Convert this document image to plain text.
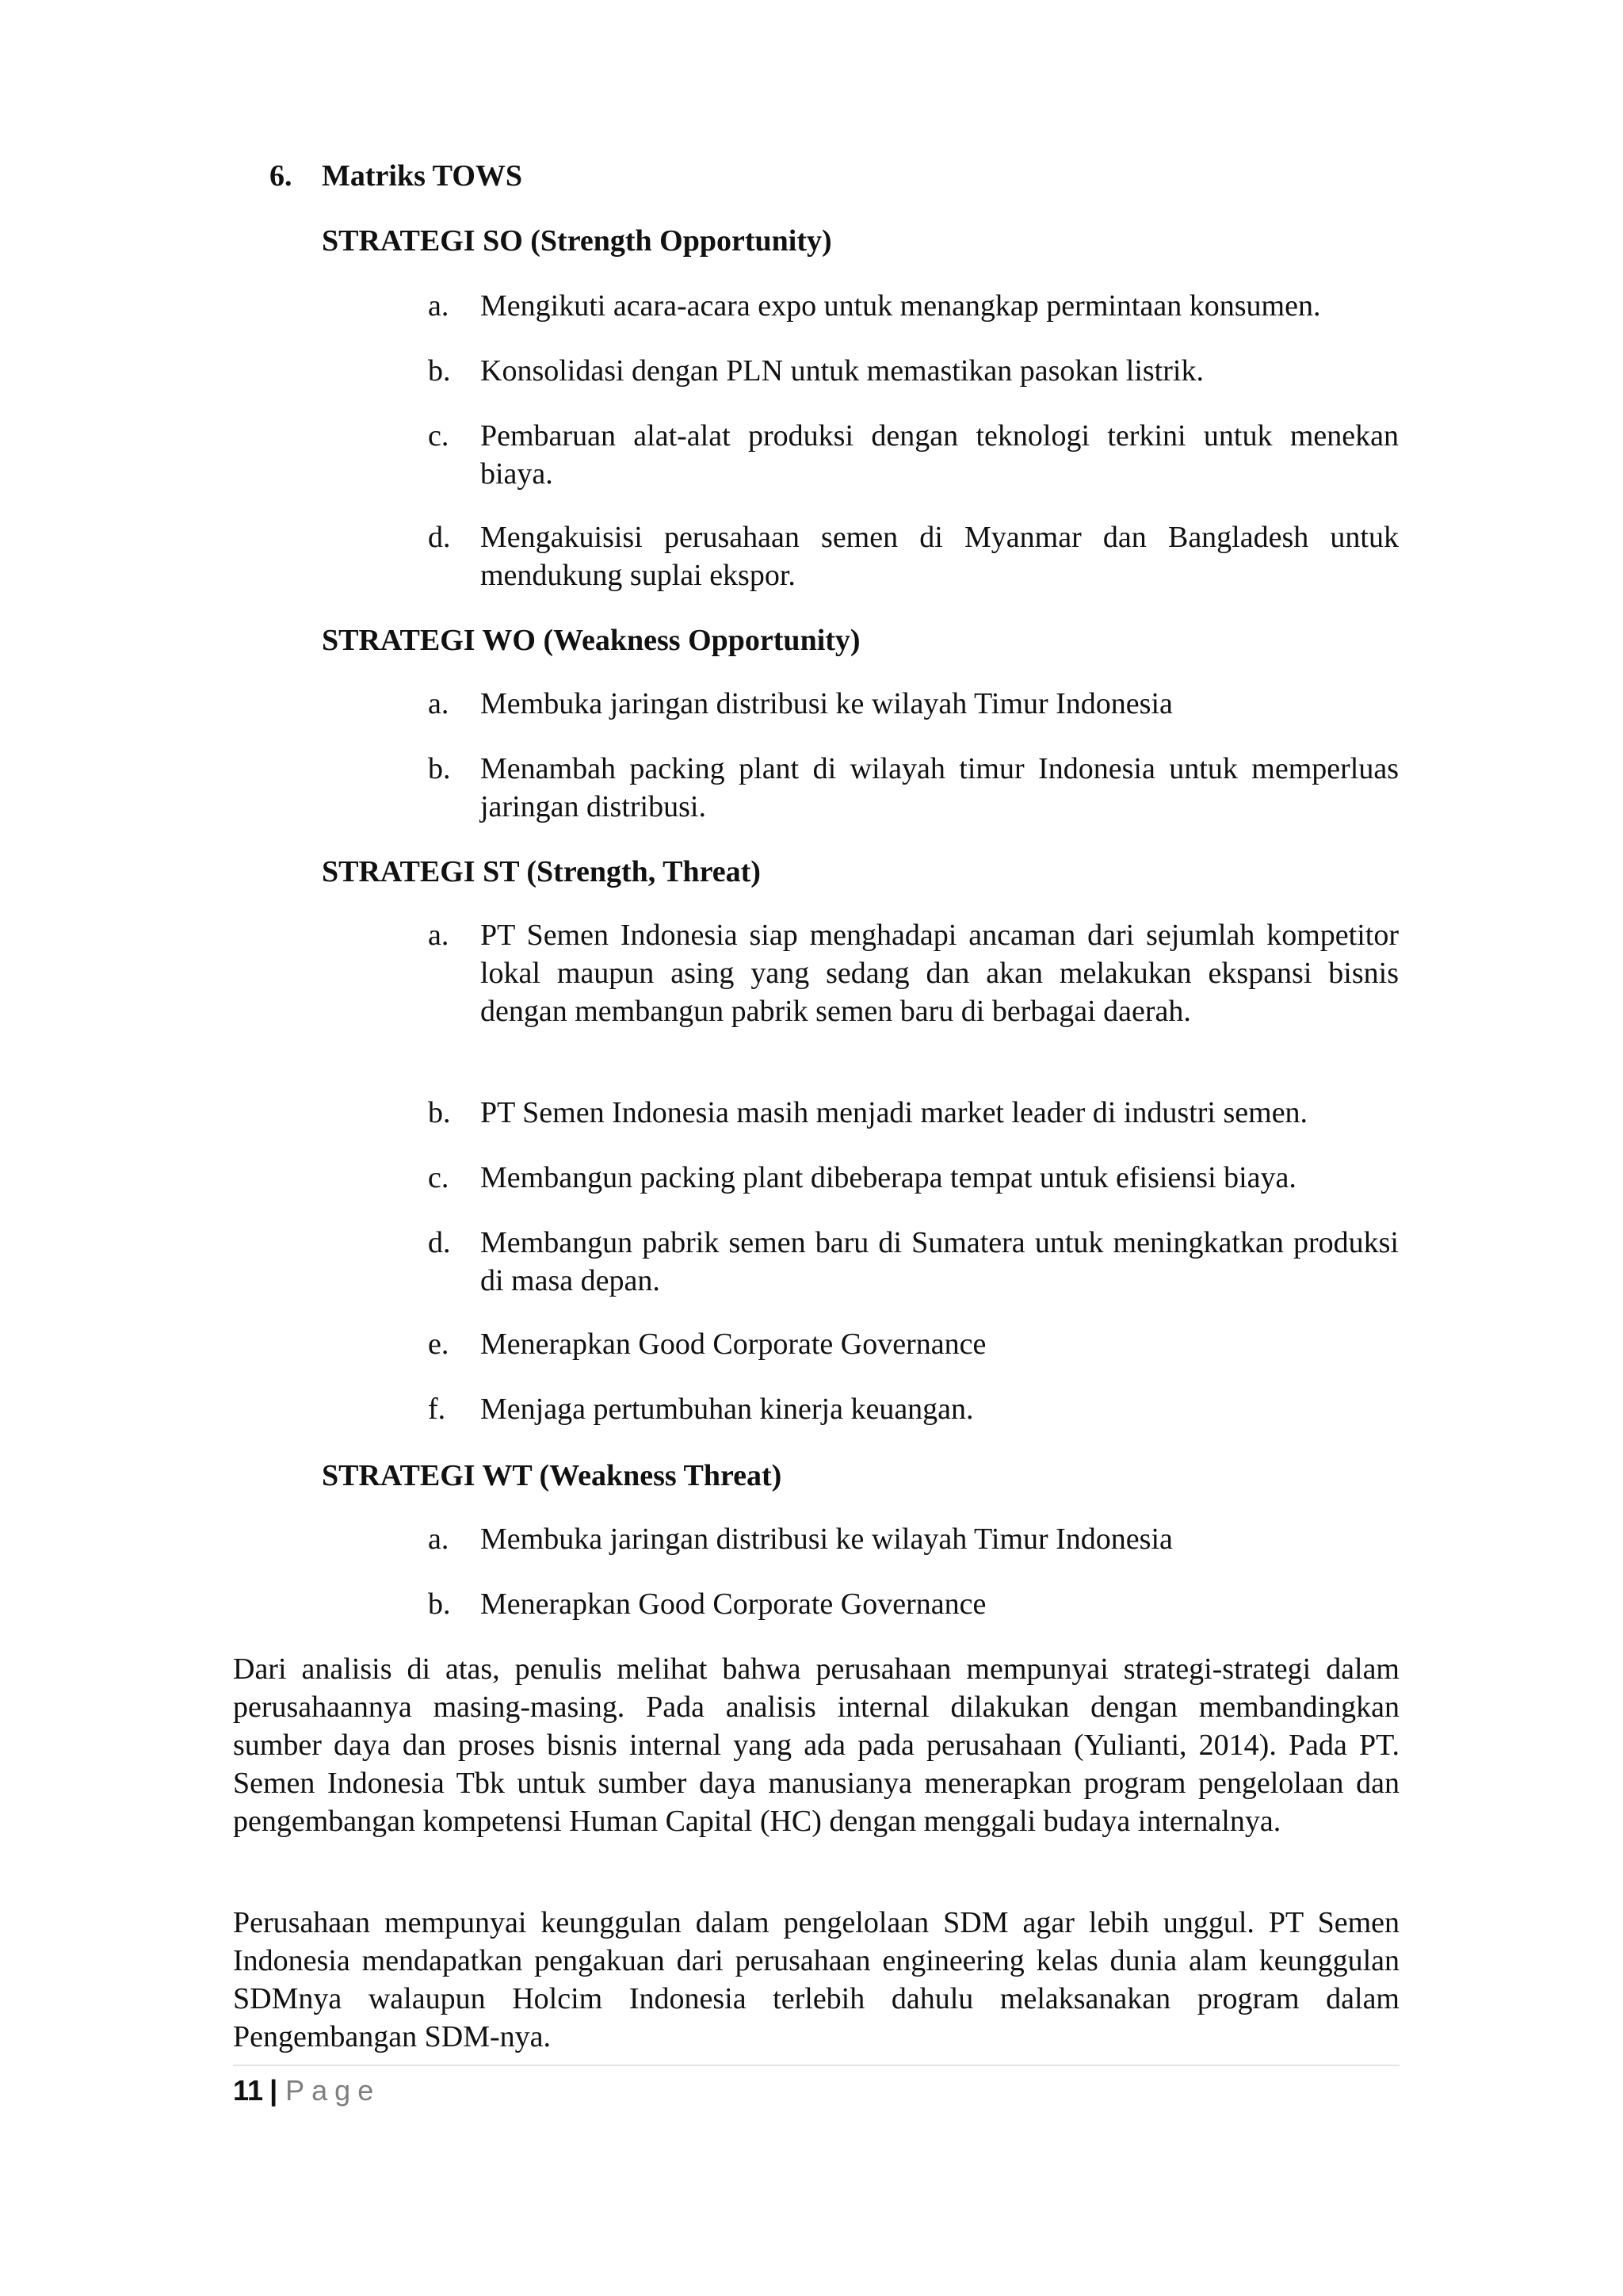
6. Matriks TOWS
STRATEGI SO (Strength Opportunity)
a. Mengikuti acara-acara expo untuk menangkap permintaan konsumen.
b. Konsolidasi dengan PLN untuk memastikan pasokan listrik.
c. Pembaruan alat-alat produksi dengan teknologi terkini untuk menekan biaya.
d. Mengakuisisi perusahaan semen di Myanmar dan Bangladesh untuk mendukung suplai ekspor.
STRATEGI WO (Weakness Opportunity)
a. Membuka jaringan distribusi ke wilayah Timur Indonesia
b. Menambah packing plant di wilayah timur Indonesia untuk memperluas jaringan distribusi.
STRATEGI ST (Strength, Threat)
a. PT Semen Indonesia siap menghadapi ancaman dari sejumlah kompetitor lokal maupun asing yang sedang dan akan melakukan ekspansi bisnis dengan membangun pabrik semen baru di berbagai daerah.
b. PT Semen Indonesia masih menjadi market leader di industri semen.
c. Membangun packing plant dibeberapa tempat untuk efisiensi biaya.
d. Membangun pabrik semen baru di Sumatera untuk meningkatkan produksi di masa depan.
e. Menerapkan Good Corporate Governance
f. Menjaga pertumbuhan kinerja keuangan.
STRATEGI WT (Weakness Threat)
a. Membuka jaringan distribusi ke wilayah Timur Indonesia
b. Menerapkan Good Corporate Governance
Dari analisis di atas, penulis melihat bahwa perusahaan mempunyai strategi-strategi dalam perusahaannya masing-masing. Pada analisis internal dilakukan dengan membandingkan sumber daya dan proses bisnis internal yang ada pada perusahaan (Yulianti, 2014). Pada PT. Semen Indonesia Tbk untuk sumber daya manusianya menerapkan program pengelolaan dan pengembangan kompetensi Human Capital (HC) dengan menggali budaya internalnya.
Perusahaan mempunyai keunggulan dalam pengelolaan SDM agar lebih unggul. PT Semen Indonesia mendapatkan pengakuan dari perusahaan engineering kelas dunia alam keunggulan SDMnya walaupun Holcim Indonesia terlebih dahulu melaksanakan program dalam Pengembangan SDM-nya.
11 | Page
